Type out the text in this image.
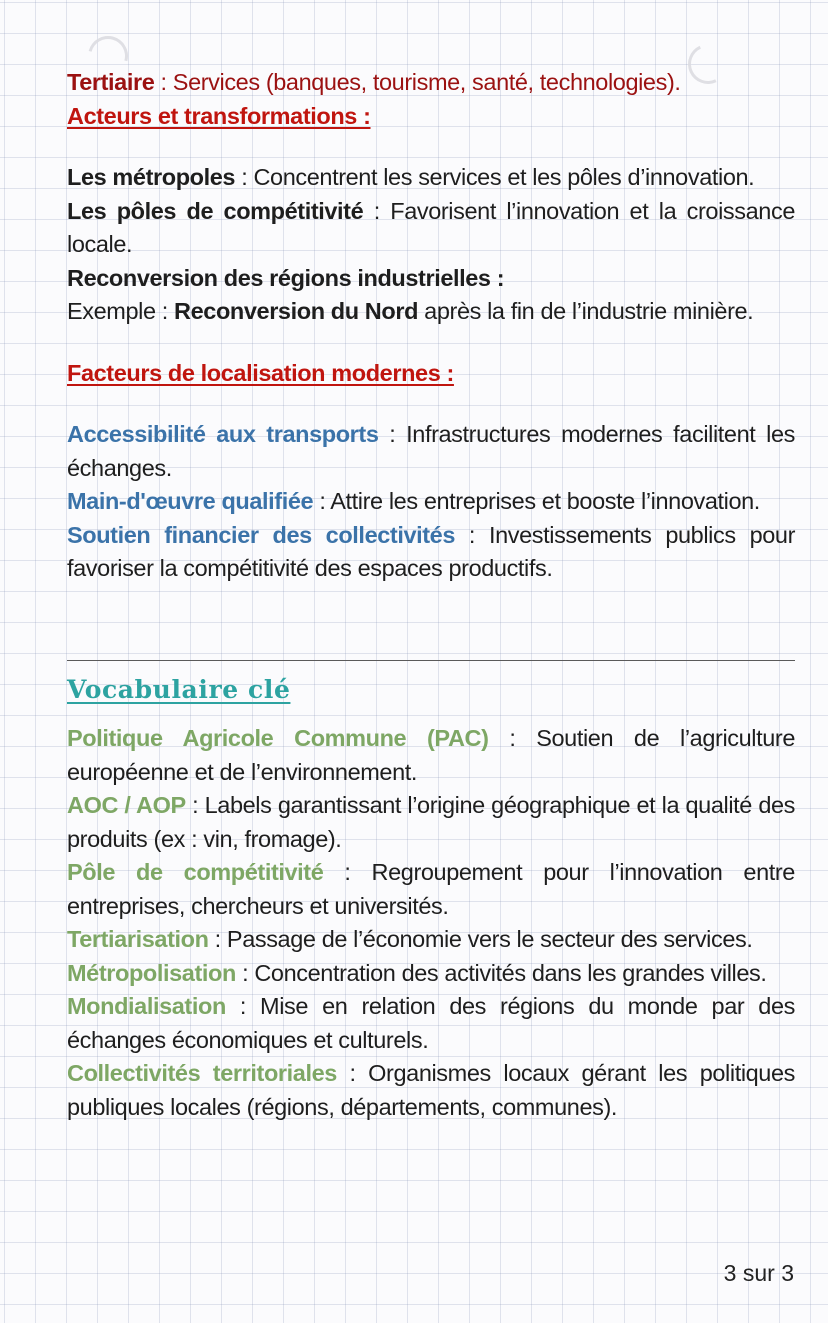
Tertiaire : Services (banques, tourisme, santé, technologies).

Acteurs et transformations :

Les métropoles : Concentrent les services et les pôles d’innovation.

Les pôles de compétitivité : Favorisent l’innovation et la croissance locale.

Reconversion des régions industrielles :

Exemple : Reconversion du Nord après la fin de l’industrie minière.

Facteurs de localisation modernes :

Accessibilité aux transports : Infrastructures modernes facilitent les échanges.

Main-d'œuvre qualifiée : Attire les entreprises et booste l’innovation.

Soutien financier des collectivités : Investissements publics pour favoriser la compétitivité des espaces productifs.

Vocabulaire clé

Politique Agricole Commune (PAC) : Soutien de l’agriculture européenne et de l’environnement.

AOC / AOP : Labels garantissant l’origine géographique et la qualité des produits (ex : vin, fromage).

Pôle de compétitivité : Regroupement pour l’innovation entre entreprises, chercheurs et universités.

Tertiarisation : Passage de l’économie vers le secteur des services.

Métropolisation : Concentration des activités dans les grandes villes.

Mondialisation : Mise en relation des régions du monde par des échanges économiques et culturels.

Collectivités territoriales : Organismes locaux gérant les politiques publiques locales (régions, départements, communes).

3 sur 3
